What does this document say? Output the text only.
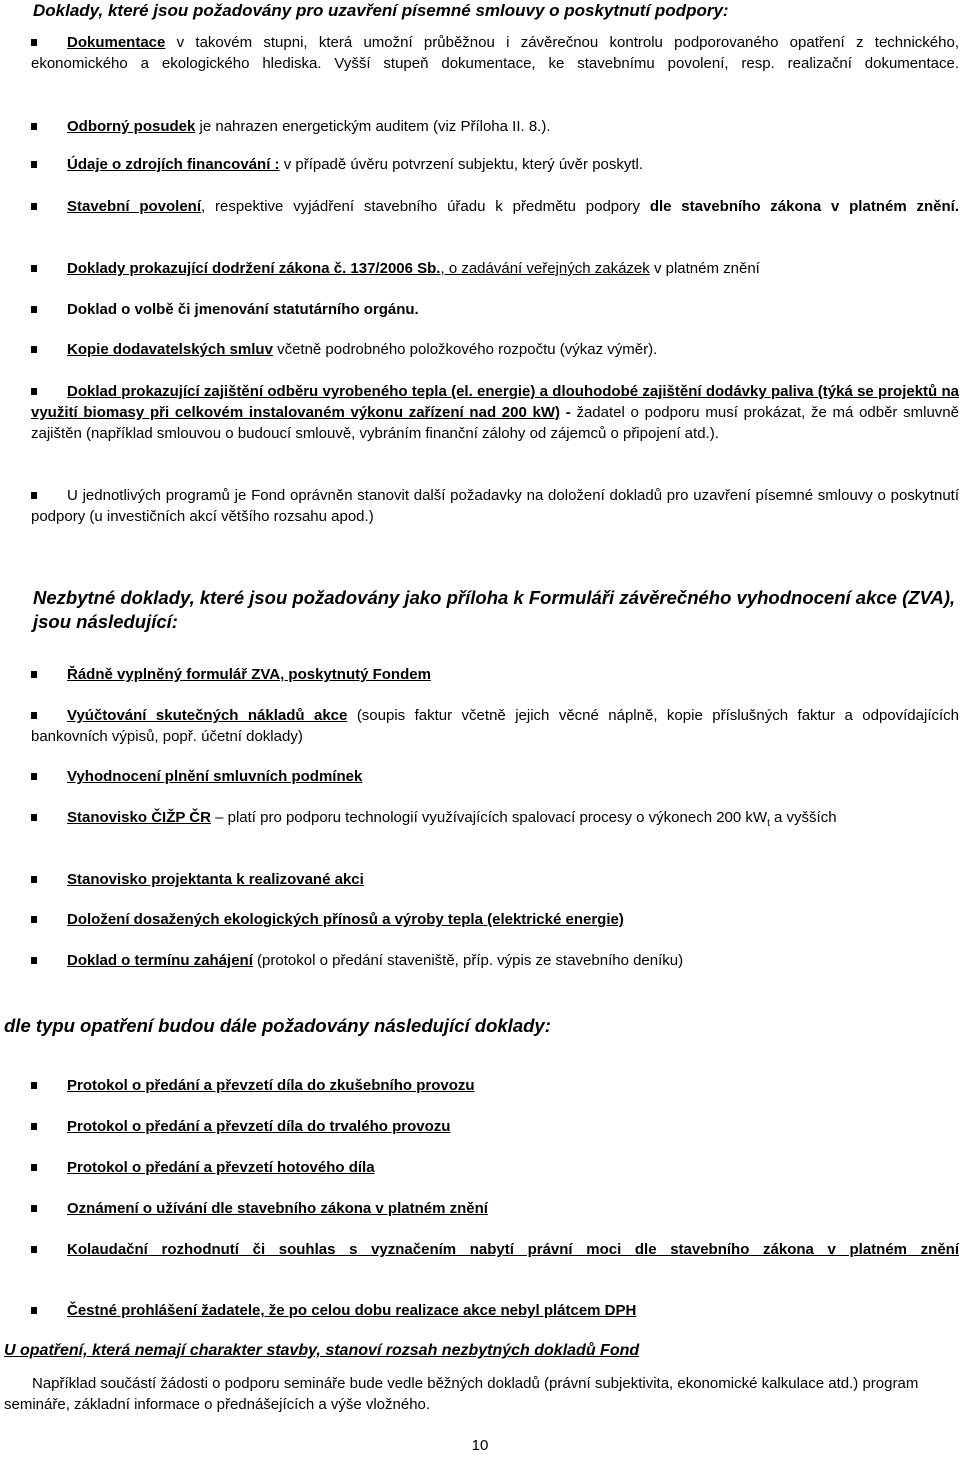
Doklady, které jsou požadovány pro uzavření písemné smlouvy o poskytnutí podpory:

Dokumentace v takovém stupni, která umožní průběžnou i závěrečnou kontrolu podporovaného opatření z technického, ekonomického a ekologického hlediska. Vyšší stupeň dokumentace, ke stavebnímu povolení, resp. realizační dokumentace.

Odborný posudek je nahrazen energetickým auditem (viz Příloha II. 8.).

Údaje o zdrojích financování : v případě úvěru potvrzení subjektu, který úvěr poskytl.

Stavební povolení, respektive vyjádření stavebního úřadu k předmětu podpory dle stavebního zákona v platném znění.

Doklady prokazující dodržení zákona č. 137/2006 Sb., o zadávání veřejných zakázek v platném znění

Doklad o volbě či jmenování statutárního orgánu.

Kopie dodavatelských smluv včetně podrobného položkového rozpočtu (výkaz výměr).

Doklad prokazující zajištění odběru vyrobeného tepla (el. energie) a dlouhodobé zajištění dodávky paliva (týká se projektů na využití biomasy při celkovém instalovaném výkonu zařízení nad 200 kW) - žadatel o podporu musí prokázat, že má odběr smluvně zajištěn (například smlouvou o budoucí smlouvě, vybráním finanční zálohy od zájemců o připojení atd.).

U jednotlivých programů je Fond oprávněn stanovit další požadavky na doložení dokladů pro uzavření písemné smlouvy o poskytnutí podpory (u investičních akcí většího rozsahu apod.)

Nezbytné doklady, které jsou požadovány jako příloha k Formuláři závěrečného vyhodnocení akce (ZVA), jsou následující:

Řádně vyplněný formulář ZVA, poskytnutý Fondem

Vyúčtování skutečných nákladů akce (soupis faktur včetně jejich věcné náplně, kopie příslušných faktur a odpovídajících bankovních výpisů, popř. účetní doklady)

Vyhodnocení plnění smluvních podmínek

Stanovisko ČIŽP ČR – platí pro podporu technologií využívajících spalovací procesy o výkonech 200 $kW_t$ a vyšších

Stanovisko projektanta k realizované akci

Doložení dosažených ekologických přínosů a výroby tepla (elektrické energie)

Doklad o termínu zahájení (protokol o předání staveniště, příp. výpis ze stavebního deníku)

dle typu opatření budou dále požadovány následující doklady:

Protokol o předání a převzetí díla do zkušebního provozu

Protokol o předání a převzetí díla do trvalého provozu

Protokol o předání a převzetí hotového díla

Oznámení o užívání dle stavebního zákona v platném znění

Kolaudační rozhodnutí či souhlas s vyznačením nabytí právní moci dle stavebního zákona v platném znění

Čestné prohlášení žadatele, že po celou dobu realizace akce nebyl plátcem DPH

U opatření, která nemají charakter stavby, stanoví rozsah nezbytných dokladů Fond

Například součástí žádosti o podporu semináře bude vedle běžných dokladů (právní subjektivita, ekonomické kalkulace atd.) program semináře, základní informace o přednášejících a výše vložného.

10
